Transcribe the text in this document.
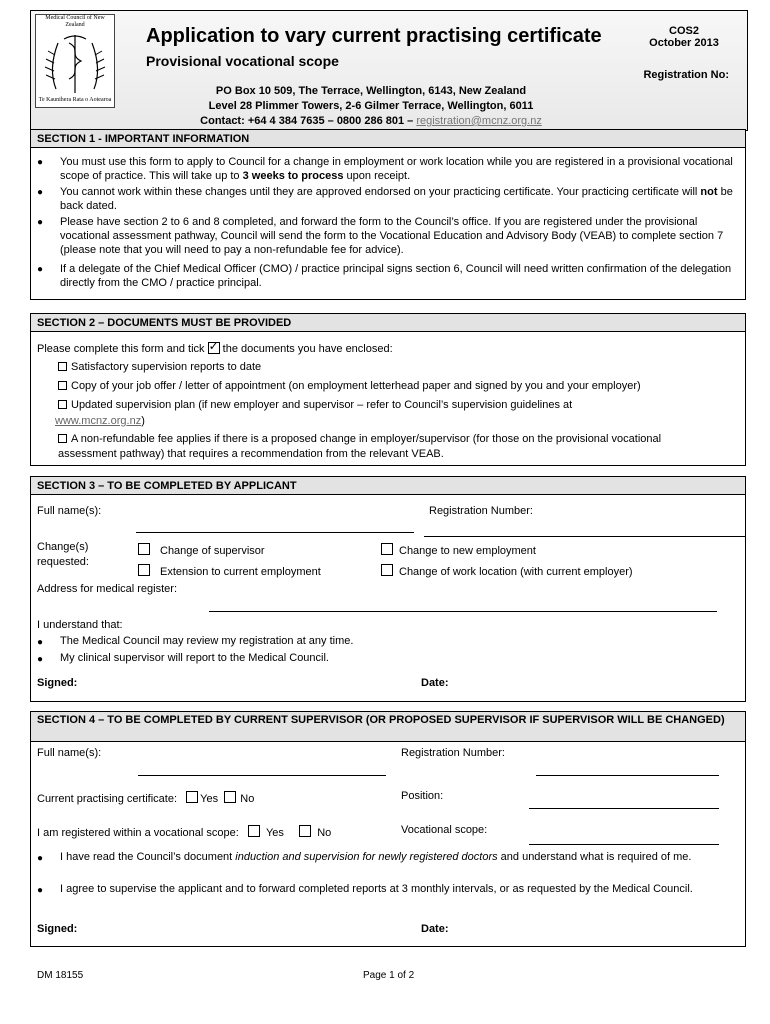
Medical Council of New Zealand
Te Kaunihera Rata o Aotearoa
Application to vary current practising certificate
Provisional vocational scope
COS2
October 2013
Registration No:
PO Box 10 509, The Terrace, Wellington, 6143, New Zealand
Level 28 Plimmer Towers, 2-6 Gilmer Terrace, Wellington, 6011
Contact: +64 4 384 7635 – 0800 286 801 – registration@mcnz.org.nz
SECTION 1 - IMPORTANT INFORMATION
● You must use this form to apply to Council for a change in employment or work location while you are registered in a provisional vocational scope of practice. This will take up to 3 weeks to process upon receipt.
● You cannot work within these changes until they are approved endorsed on your practicing certificate. Your practicing certificate will not be back dated.
● Please have section 2 to 6 and 8 completed, and forward the form to the Council’s office. If you are registered under the provisional vocational assessment pathway, Council will send the form to the Vocational Education and Advisory Body (VEAB) to complete section 7 (please note that you will need to pay a non-refundable fee for advice).
● If a delegate of the Chief Medical Officer (CMO) / practice principal signs section 6, Council will need written confirmation of the delegation directly from the CMO / practice principal.
SECTION 2 – DOCUMENTS MUST BE PROVIDED
Please complete this form and tick ✓ the documents you have enclosed:
Satisfactory supervision reports to date
Copy of your job offer / letter of appointment (on employment letterhead paper and signed by you and your employer)
Updated supervision plan (if new employer and supervisor – refer to Council’s supervision guidelines at
www.mcnz.org.nz)
A non-refundable fee applies if there is a proposed change in employer/supervisor (for those on the provisional vocational assessment pathway) that requires a recommendation from the relevant VEAB.
SECTION 3 – TO BE COMPLETED BY APPLICANT
Full name(s):	Registration Number:
Change(s) requested:
Change of supervisor
Extension to current employment
Change to new employment
Change of work location (with current employer)
Address for medical register:
I understand that:
● The Medical Council may review my registration at any time.
● My clinical supervisor will report to the Medical Council.
Signed:	Date:
SECTION 4 – TO BE COMPLETED BY CURRENT SUPERVISOR (OR PROPOSED SUPERVISOR IF SUPERVISOR WILL BE CHANGED)
Full name(s):	Registration Number:
Current practising certificate: Yes No	Position:
I am registered within a vocational scope: Yes	No	Vocational scope:
● I have read the Council’s document induction and supervision for newly registered doctors and understand what is required of me.
● I agree to supervise the applicant and to forward completed reports at 3 monthly intervals, or as requested by the Medical Council.
Signed:	Date:
DM 18155	Page 1 of 2
